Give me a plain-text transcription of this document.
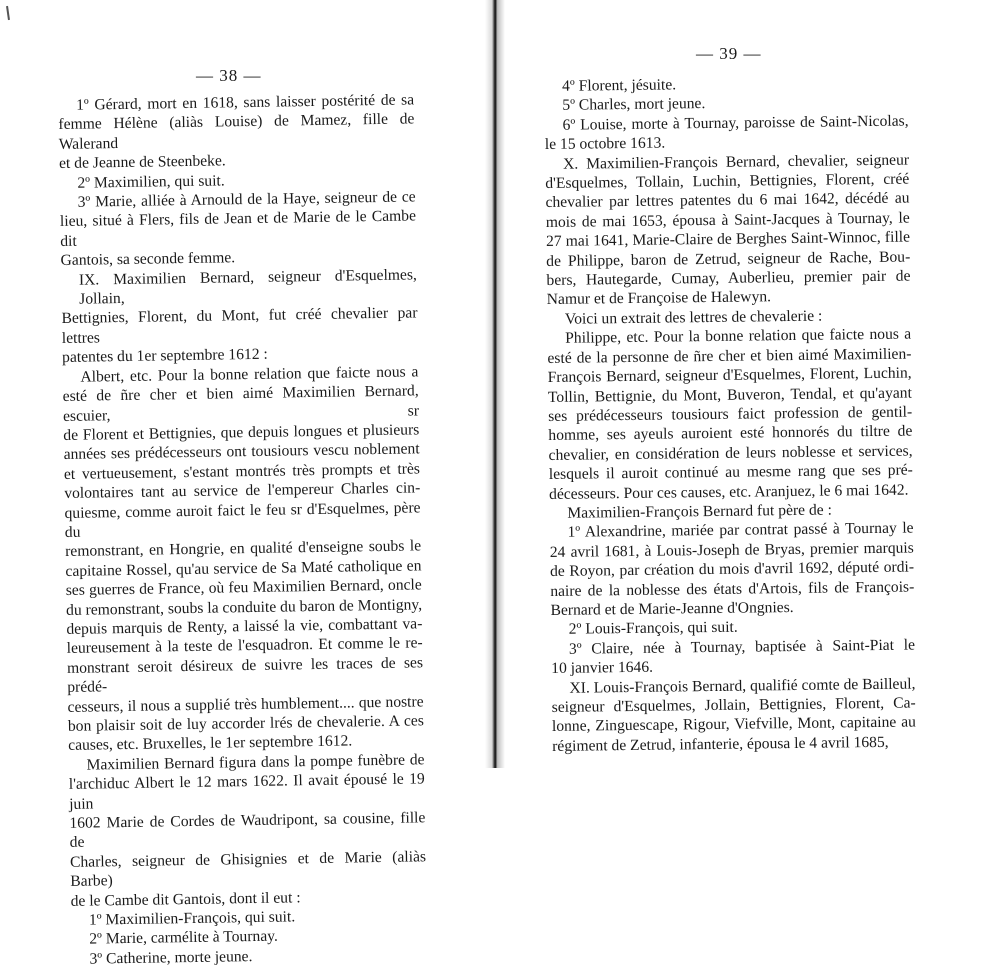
— 38 —
1º Gérard, mort en 1618, sans laisser postérité de sa
femme Hélène (aliàs Louise) de Mamez, fille de Walerand
et de Jeanne de Steenbeke.
2º Maximilien, qui suit.
3º Marie, alliée à Arnould de la Haye, seigneur de ce
lieu, situé à Flers, fils de Jean et de Marie de le Cambe dit
Gantois, sa seconde femme.
IX. Maximilien Bernard, seigneur d'Esquelmes, Jollain,
Bettignies, Florent, du Mont, fut créé chevalier par lettres
patentes du 1er septembre 1612 :
Albert, etc. Pour la bonne relation que faicte nous a
esté de ñre cher et bien aimé Maximilien Bernard, escuier, sr
de Florent et Bettignies, que depuis longues et plusieurs
années ses prédécesseurs ont tousiours vescu noblement
et vertueusement, s'estant montrés très prompts et très
volontaires tant au service de l'empereur Charles cin-
quiesme, comme auroit faict le feu sr d'Esquelmes, père du
remonstrant, en Hongrie, en qualité d'enseigne soubs le
capitaine Rossel, qu'au service de Sa Maté catholique en
ses guerres de France, où feu Maximilien Bernard, oncle
du remonstrant, soubs la conduite du baron de Montigny,
depuis marquis de Renty, a laissé la vie, combattant va-
leureusement à la teste de l'esquadron. Et comme le re-
monstrant seroit désireux de suivre les traces de ses prédé-
cesseurs, il nous a supplié très humblement.... que nostre
bon plaisir soit de luy accorder lrés de chevalerie. A ces
causes, etc. Bruxelles, le 1er septembre 1612.
Maximilien Bernard figura dans la pompe funèbre de
l'archiduc Albert le 12 mars 1622. Il avait épousé le 19 juin
1602 Marie de Cordes de Waudripont, sa cousine, fille de
Charles, seigneur de Ghisignies et de Marie (aliàs Barbe)
de le Cambe dit Gantois, dont il eut :
1º Maximilien-François, qui suit.
2º Marie, carmélite à Tournay.
3º Catherine, morte jeune.
— 39 —
4º Florent, jésuite.
5º Charles, mort jeune.
6º Louise, morte à Tournay, paroisse de Saint-Nicolas,
le 15 octobre 1613.
X. Maximilien-François Bernard, chevalier, seigneur
d'Esquelmes, Tollain, Luchin, Bettignies, Florent, créé
chevalier par lettres patentes du 6 mai 1642, décédé au
mois de mai 1653, épousa à Saint-Jacques à Tournay, le
27 mai 1641, Marie-Claire de Berghes Saint-Winnoc, fille
de Philippe, baron de Zetrud, seigneur de Rache, Bou-
bers, Hautegarde, Cumay, Auberlieu, premier pair de
Namur et de Françoise de Halewyn.
Voici un extrait des lettres de chevalerie :
Philippe, etc. Pour la bonne relation que faicte nous a
esté de la personne de ñre cher et bien aimé Maximilien-
François Bernard, seigneur d'Esquelmes, Florent, Luchin,
Tollin, Bettignie, du Mont, Buveron, Tendal, et qu'ayant
ses prédécesseurs tousiours faict profession de gentil-
homme, ses ayeuls auroient esté honnorés du tiltre de
chevalier, en considération de leurs noblesse et services,
lesquels il auroit continué au mesme rang que ses pré-
décesseurs. Pour ces causes, etc. Aranjuez, le 6 mai 1642.
Maximilien-François Bernard fut père de :
1º Alexandrine, mariée par contrat passé à Tournay le
24 avril 1681, à Louis-Joseph de Bryas, premier marquis
de Royon, par création du mois d'avril 1692, député ordi-
naire de la noblesse des états d'Artois, fils de François-
Bernard et de Marie-Jeanne d'Ongnies.
2º Louis-François, qui suit.
3º Claire, née à Tournay, baptisée à Saint-Piat le
10 janvier 1646.
XI. Louis-François Bernard, qualifié comte de Bailleul,
seigneur d'Esquelmes, Jollain, Bettignies, Florent, Ca-
lonne, Zinguescape, Rigour, Viefville, Mont, capitaine au
régiment de Zetrud, infanterie, épousa le 4 avril 1685,
